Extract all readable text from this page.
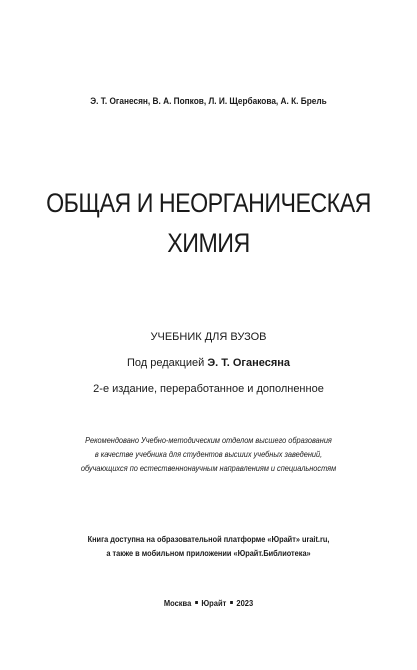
Э. Т. Оганесян, В. А. Попков, Л. И. Щербакова, А. К. Брель
ОБЩАЯ И НЕОРГАНИЧЕСКАЯ
ХИМИЯ
УЧЕБНИК ДЛЯ ВУЗОВ
Под редакцией Э. Т. Оганесяна
2-е издание, переработанное и дополненное
Рекомендовано Учебно-методическим отделом высшего образования
в качестве учебника для студентов высших учебных заведений,
обучающихся по естественнонаучным направлениям и специальностям
Книга доступна на образовательной платформе «Юрайт» urait.ru,
а также в мобильном приложении «Юрайт.Библиотека»
Москва Юрайт 2023
